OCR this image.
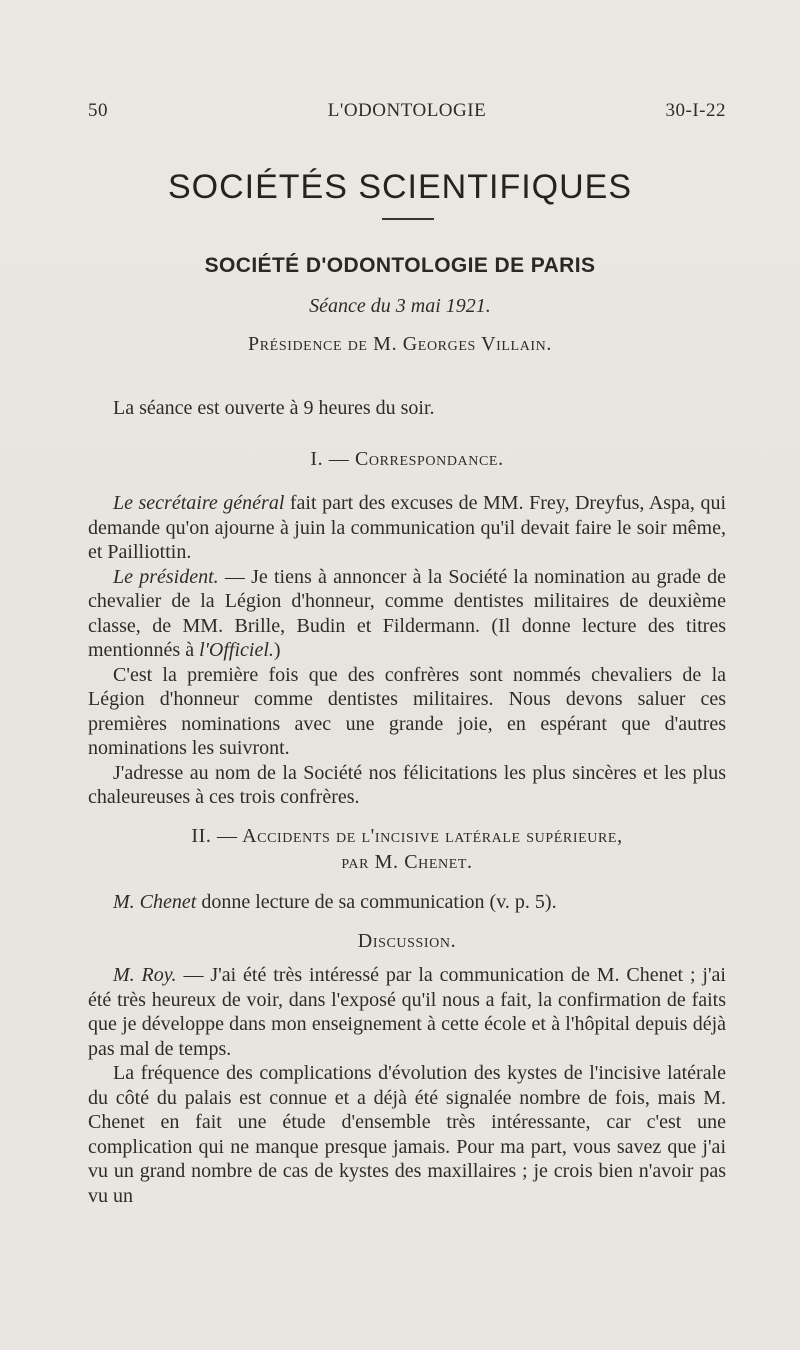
50	L'ODONTOLOGIE	30-I-22
SOCIÉTÉS SCIENTIFIQUES
SOCIÉTÉ D'ODONTOLOGIE DE PARIS
Séance du 3 mai 1921.
Présidence de M. Georges Villain.

La séance est ouverte à 9 heures du soir.

I. — Correspondance.

Le secrétaire général fait part des excuses de MM. Frey, Dreyfus, Aspa, qui demande qu'on ajourne à juin la communication qu'il devait faire le soir même, et Pailliottin.

Le président. — Je tiens à annoncer à la Société la nomination au grade de chevalier de la Légion d'honneur, comme dentistes militaires de deuxième classe, de MM. Brille, Budin et Fildermann. (Il donne lecture des titres mentionnés à l'Officiel.)

C'est la première fois que des confrères sont nommés chevaliers de la Légion d'honneur comme dentistes militaires. Nous devons saluer ces premières nominations avec une grande joie, en espérant que d'autres nominations les suivront.

J'adresse au nom de la Société nos félicitations les plus sincères et les plus chaleureuses à ces trois confrères.

II. — Accidents de l'incisive latérale supérieure,

par M. Chenet.

M. Chenet donne lecture de sa communication (v. p. 5).

Discussion.

M. Roy. — J'ai été très intéressé par la communication de M. Chenet ; j'ai été très heureux de voir, dans l'exposé qu'il nous a fait, la confirmation de faits que je développe dans mon enseignement à cette école et à l'hôpital depuis déjà pas mal de temps.

La fréquence des complications d'évolution des kystes de l'incisive latérale du côté du palais est connue et a déjà été signalée nombre de fois, mais M. Chenet en fait une étude d'ensemble très intéressante, car c'est une complication qui ne manque presque jamais. Pour ma part, vous savez que j'ai vu un grand nombre de cas de kystes des maxillaires ; je crois bien n'avoir pas vu un
